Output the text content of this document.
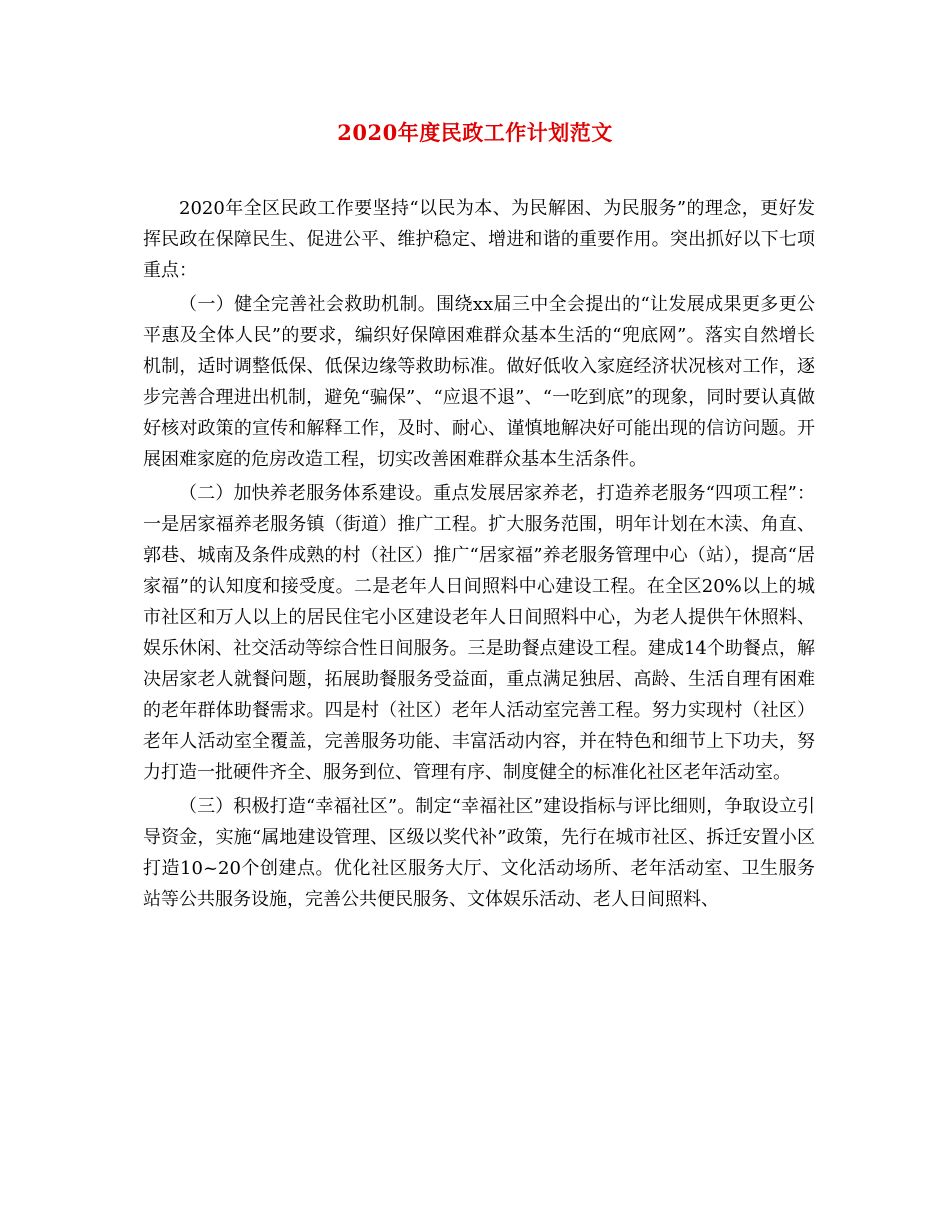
2020年度民政工作计划范文

2020年全区民政工作要坚持“以民为本、为民解困、为民服务”的理念，更好发挥民政在保障民生、促进公平、维护稳定、增进和谐的重要作用。突出抓好以下七项重点：

（一）健全完善社会救助机制。围绕xx届三中全会提出的“让发展成果更多更公平惠及全体人民”的要求，编织好保障困难群众基本生活的“兜底网”。落实自然增长机制，适时调整低保、低保边缘等救助标准。做好低收入家庭经济状况核对工作，逐步完善合理进出机制，避免“骗保”、“应退不退”、“一吃到底”的现象，同时要认真做好核对政策的宣传和解释工作，及时、耐心、谨慎地解决好可能出现的信访问题。开展困难家庭的危房改造工程，切实改善困难群众基本生活条件。

（二）加快养老服务体系建设。重点发展居家养老，打造养老服务“四项工程”：一是居家福养老服务镇（街道）推广工程。扩大服务范围，明年计划在木渎、角直、郭巷、城南及条件成熟的村（社区）推广“居家福”养老服务管理中心（站），提高“居家福”的认知度和接受度。二是老年人日间照料中心建设工程。在全区20%以上的城市社区和万人以上的居民住宅小区建设老年人日间照料中心，为老人提供午休照料、娱乐休闲、社交活动等综合性日间服务。三是助餐点建设工程。建成14个助餐点，解决居家老人就餐问题，拓展助餐服务受益面，重点满足独居、高龄、生活自理有困难的老年群体助餐需求。四是村（社区）老年人活动室完善工程。努力实现村（社区）老年人活动室全覆盖，完善服务功能、丰富活动内容，并在特色和细节上下功夫，努力打造一批硬件齐全、服务到位、管理有序、制度健全的标准化社区老年活动室。

（三）积极打造“幸福社区”。制定“幸福社区”建设指标与评比细则，争取设立引导资金，实施“属地建设管理、区级以奖代补”政策，先行在城市社区、拆迁安置小区打造10~20个创建点。优化社区服务大厅、文化活动场所、老年活动室、卫生服务站等公共服务设施，完善公共便民服务、文体娱乐活动、老人日间照料、
